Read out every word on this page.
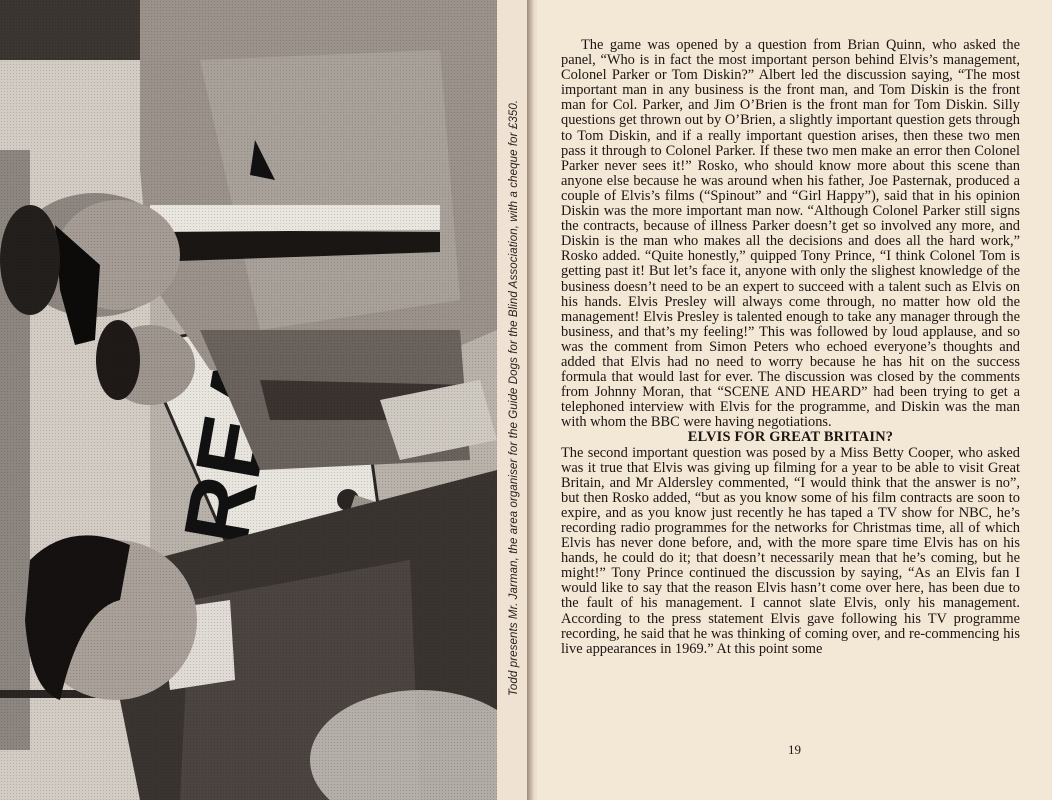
Todd presents Mr. Jarman, the area organiser for the Guide Dogs for the Blind Association, with a cheque for £350.

The game was opened by a question from Brian Quinn, who asked the panel, “Who is in fact the most important person behind Elvis’s management, Colonel Parker or Tom Diskin?” Albert led the discussion saying, “The most important man in any business is the front man, and Tom Diskin is the front man for Col. Parker, and Jim O’Brien is the front man for Tom Diskin. Silly questions get thrown out by O’Brien, a slightly important question gets through to Tom Diskin, and if a really important question arises, then these two men pass it through to Colonel Parker. If these two men make an error then Colonel Parker never sees it!” Rosko, who should know more about this scene than anyone else because he was around when his father, Joe Pasternak, produced a couple of Elvis’s films (“Spinout” and “Girl Happy”), said that in his opinion Diskin was the more important man now. “Although Colonel Parker still signs the contracts, because of illness Parker doesn’t get so involved any more, and Diskin is the man who makes all the decisions and does all the hard work,” Rosko added. “Quite honestly,” quipped Tony Prince, “I think Colonel Tom is getting past it! But let’s face it, anyone with only the slighest knowledge of the business doesn’t need to be an expert to succeed with a talent such as Elvis on his hands. Elvis Presley will always come through, no matter how old the management! Elvis Presley is talented enough to take any manager through the business, and that’s my feeling!” This was followed by loud applause, and so was the comment from Simon Peters who echoed everyone’s thoughts and added that Elvis had no need to worry because he has hit on the success formula that would last for ever. The discussion was closed by the comments from Johnny Moran, that “SCENE AND HEARD” had been trying to get a telephoned interview with Elvis for the programme, and Diskin was the man with whom the BBC were having negotiations.

ELVIS FOR GREAT BRITAIN?

The second important question was posed by a Miss Betty Cooper, who asked was it true that Elvis was giving up filming for a year to be able to visit Great Britain, and Mr Aldersley commented, “I would think that the answer is no”, but then Rosko added, “but as you know some of his film contracts are soon to expire, and as you know just recently he has taped a TV show for NBC, he’s recording radio programmes for the networks for Christmas time, all of which Elvis has never done before, and, with the more spare time Elvis has on his hands, he could do it; that doesn’t necessarily mean that he’s coming, but he might!” Tony Prince continued the discussion by saying, “As an Elvis fan I would like to say that the reason Elvis hasn’t come over here, has been due to the fault of his management. I cannot slate Elvis, only his management. According to the press statement Elvis gave following his TV programme recording, he said that he was thinking of coming over, and re-commencing his live appearances in 1969.” At this point some

19
